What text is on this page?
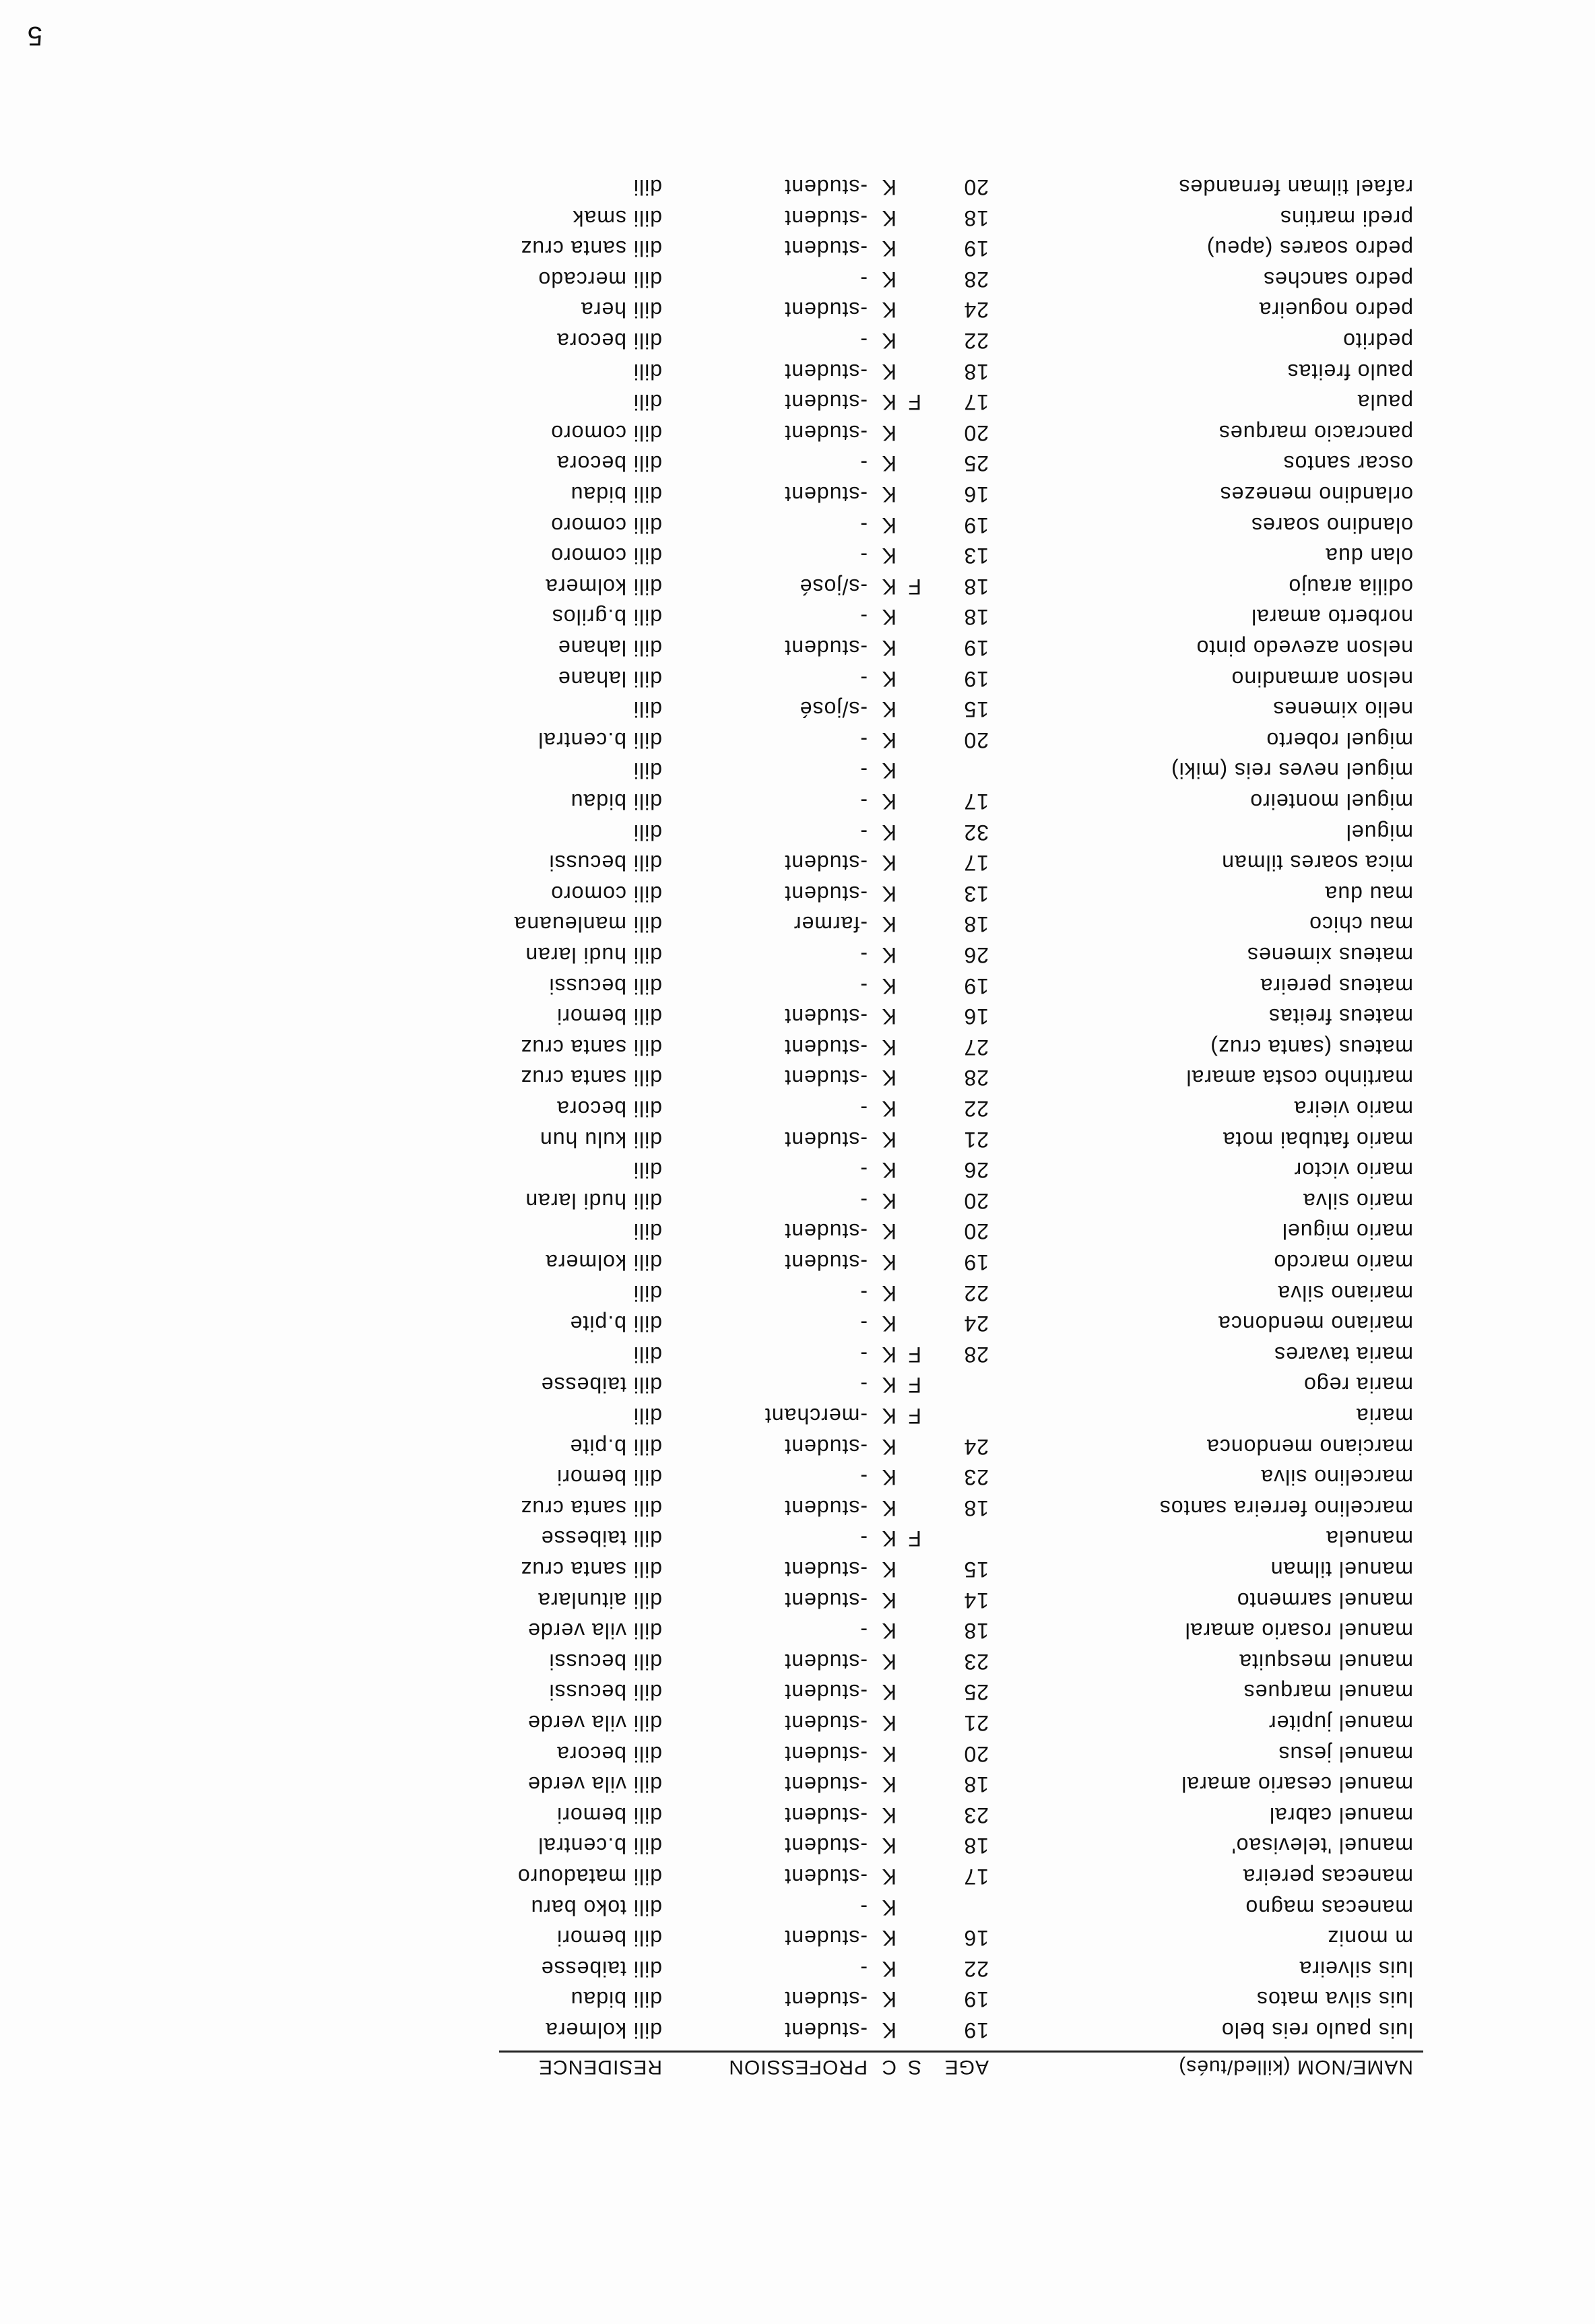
NAME/NOM (killed/tués)
AGE
S
C
PROFESSION
RESIDENCE
luis paulo reis belo
19
K
-student
dili kolmera
luis silva matos
19
K
-student
dili bidau
luis silveira
22
K
-
dili taibesse
m moniz
16
K
-student
dili bemori
manecas magno
K
-
dili toko baru
manecas pereira
17
K
-student
dili matadouro
manuel 'televisao'
18
K
-student
dili b.central
manuel cabral
23
K
-student
dili bemori
manuel cesario amaral
18
K
-student
dili vila verde
manuel jesus
20
K
-student
dili becora
manuel jupiter
21
K
-student
dili vila verde
manuel marques
25
K
-student
dili becussi
manuel mesquita
23
K
-student
dili becussi
manuel rosario amaral
18
K
-
dili vila verde
manuel sarmento
14
K
-student
dili aitunlara
manuel tilman
15
K
-student
dili santa cruz
manuela
F
K
-
dili taibesse
marcelino ferreira santos
18
K
-student
dili santa cruz
marcelino silva
23
K
-
dili bemori
marciano mendonca
24
K
-student
dili b.pite
maria
F
K
-merchant
dili
maria rego
F
K
-
dili taibesse
maria tavares
28
F
K
-
dili
mariano mendonca
24
K
-
dili b.pite
mariano silva
22
K
-
dili
mario marcdo
19
K
-student
dili kolmera
mario miguel
20
K
-student
dili
mario silva
20
K
-
dili hudi laran
mario victor
26
K
-
dili
mario fatubai mota
21
K
-student
dili kulu hun
mario vieira
22
K
-
dili becora
martinho costa amaral
28
K
-student
dili santa cruz
mateus (santa cruz)
27
K
-student
dili santa cruz
mateus freitas
16
K
-student
dili bemori
mateus pereira
19
K
-
dili becussi
mateus ximenes
26
K
-
dili hudi laran
mau chico
18
K
-farmer
dili manleuana
mau dua
13
K
-student
dili comoro
mica soares tilman
17
K
-student
dili becussi
miguel
32
K
-
dili
miguel monteiro
17
K
-
dili bidau
miguel neves reis (miki)
K
-
dili
miguel roberto
20
K
-
dili b.central
nelio ximenes
15
K
-s/josé
dili
nelson armandino
19
K
-
dili lahane
nelson azevedo pinto
19
K
-student
dili lahane
norberto amaral
18
K
-
dili b.grilos
odilia araujo
18
F
K
-s/josé
dili kolmera
olan dua
13
K
-
dili comoro
olandino soares
19
K
-
dili comoro
orlandino menezes
16
K
-student
dili bidau
oscar santos
25
K
-
dili becora
pancracio marques
20
K
-student
dili comoro
paula
17
F
K
-student
dili
paulo freitas
18
K
-student
dili
pedrito
22
K
-
dili becora
pedro nogueira
24
K
-student
dili hera
pedro sanches
28
K
-
dili mercado
pedro soares (apeu)
19
K
-student
dili santa cruz
predi martins
18
K
-student
dili smak
rafael tilman fernandes
20
K
-student
dili
5
